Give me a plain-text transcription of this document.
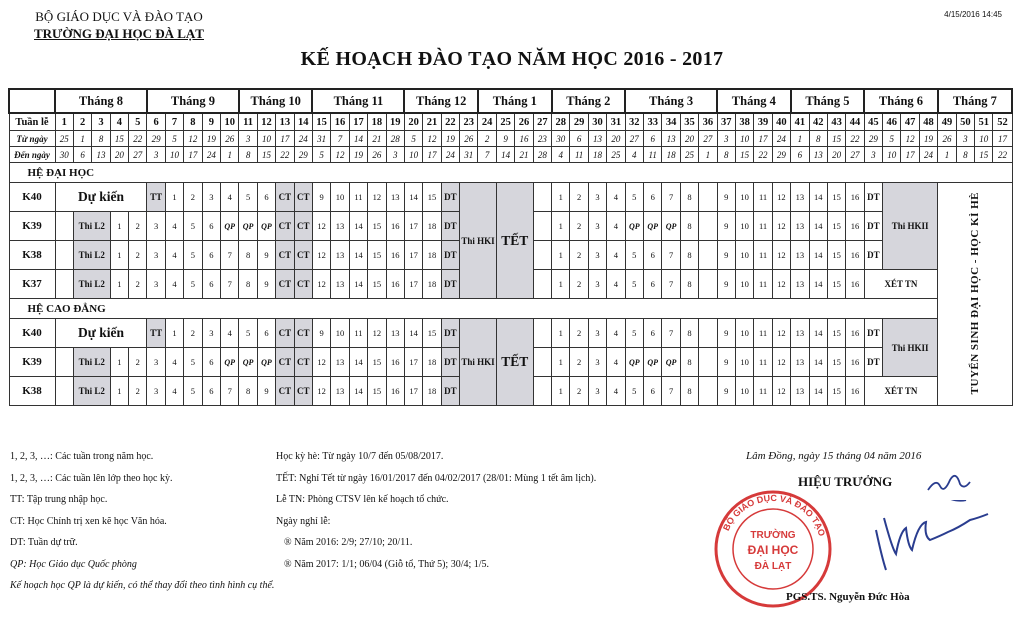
BỘ GIÁO DỤC VÀ ĐÀO TẠO
TRƯỜNG ĐẠI HỌC ĐÀ LẠT
4/15/2016 14:45
KẾ HOẠCH ĐÀO TẠO NĂM HỌC 2016 - 2017
	Tháng 8					Tháng 9					Tháng 10				Tháng 11					Tháng 12				Tháng 1				Tháng 2				Tháng 3					Tháng 4				Tháng 5				Tháng 6				Tháng 7			
Tuần lễ	1	2	3	4	5	6	7	8	9	10	11	12	13	14	15	16	17	18	19	20	21	22	23	24	25	26	27	28	29	30	31	32	33	34	35	36	37	38	39	40	41	42	43	44	45	46	47	48	49	50	51	52
Từ ngày	25	1	8	15	22	29	5	12	19	26	3	10	17	24	31	7	14	21	28	5	12	19	26	2	9	16	23	30	6	13	20	27	6	13	20	27	3	10	17	24	1	8	15	22	29	5	12	19	26	3	10	17
Đến ngày	30	6	13	20	27	3	10	17	24	1	8	15	22	29	5	12	19	26	3	10	17	24	31	7	14	21	28	4	11	18	25	4	11	18	25	1	8	15	22	29	6	13	20	27	3	10	17	24	1	8	15	22
HỆ ĐẠI HỌC																																																				
K40	Dự kiến					TT	1	2	3	4	5	6	CT	CT	9	10	11	12	13	14	15	DT	Thi HKI		TẾT			1	2	3	4	5	6	7	8		9	10	11	12	13	14	15	16	DT	Thi HKII			TUYỂN SINH ĐẠI HỌC - HỌC KÌ HÈ			
K39		Thi L2		1	2	3	4	5	6	QP	QP	QP	CT	CT	12	13	14	15	16	17	18	DT						1	2	3	4	QP	QP	QP	8		9	10	11	12	13	14	15	16	DT							
K38		Thi L2		1	2	3	4	5	6	7	8	9	CT	CT	12	13	14	15	16	17	18	DT						1	2	3	4	5	6	7	8		9	10	11	12	13	14	15	16	DT							
K37		Thi L2		1	2	3	4	5	6	7	8	9	CT	CT	12	13	14	15	16	17	18	DT						1	2	3	4	5	6	7	8		9	10	11	12	13	14	15	16	XÉT TN							
HỆ CAO ĐẲNG																																																				
K40	Dự kiến					TT	1	2	3	4	5	6	CT	CT	9	10	11	12	13	14	15	DT	Thi HKI		TẾT			1	2	3	4	5	6	7	8		9	10	11	12	13	14	15	16	DT	Thi HKII						
K39		Thi L2		1	2	3	4	5	6	QP	QP	QP	CT	CT	12	13	14	15	16	17	18	DT						1	2	3	4	QP	QP	QP	8		9	10	11	12	13	14	15	16	DT							
K38		Thi L2		1	2	3	4	5	6	7	8	9	CT	CT	12	13	14	15	16	17	18	DT						1	2	3	4	5	6	7	8		9	10	11	12	13	14	15	16	XÉT TN							
1, 2, 3, …: Các tuần trong năm học.
1, 2, 3, …: Các tuần lên lớp theo học kỳ.
TT: Tập trung nhập học.
CT: Học Chính trị xen kẽ học Văn hóa.
DT: Tuần dự trữ.
QP: Học Giáo dục Quốc phòng
Kế hoạch học QP là dự kiến, có thể thay đổi theo tình hình cụ thể.
Học kỳ hè: Từ ngày 10/7 đến 05/08/2017.
TẾT: Nghỉ Tết từ ngày 16/01/2017 đến 04/02/2017 (28/01: Mùng 1 tết âm lịch).
Lễ TN: Phòng CTSV lên kế hoạch tổ chức.
Ngày nghỉ lễ:
® Năm 2016: 2/9; 27/10; 20/11.
® Năm 2017: 1/1; 06/04 (Giỗ tổ, Thứ 5); 30/4; 1/5.
Lâm Đồng, ngày 15 tháng 04 năm 2016
HIỆU TRƯỞNG
BỘ GIÁO DỤC VÀ ĐÀO TẠO
TRƯỜNG
ĐẠI HỌC
ĐÀ LẠT
PGS.TS. Nguyễn Đức Hòa
